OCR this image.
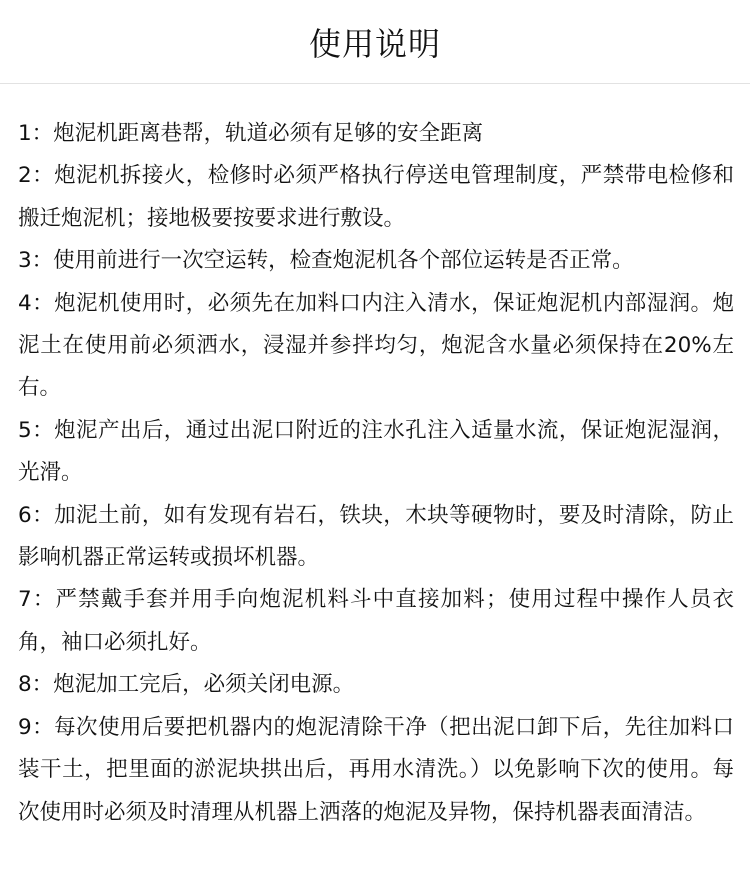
使用说明
1：炮泥机距离巷帮，轨道必须有足够的安全距离
2：炮泥机拆接火，检修时必须严格执行停送电管理制度，严禁带电检修和搬迁炮泥机；接地极要按要求进行敷设。
3：使用前进行一次空运转，检查炮泥机各个部位运转是否正常。
4：炮泥机使用时，必须先在加料口内注入清水，保证炮泥机内部湿润。炮泥土在使用前必须洒水，浸湿并参拌均匀，炮泥含水量必须保持在20%左右。
5：炮泥产出后，通过出泥口附近的注水孔注入适量水流，保证炮泥湿润，光滑。
6：加泥土前，如有发现有岩石，铁块，木块等硬物时，要及时清除，防止影响机器正常运转或损坏机器。
7：严禁戴手套并用手向炮泥机料斗中直接加料；使用过程中操作人员衣角，袖口必须扎好。
8：炮泥加工完后，必须关闭电源。
9：每次使用后要把机器内的炮泥清除干净（把出泥口卸下后，先往加料口装干土，把里面的淤泥块拱出后，再用水清洗。）以免影响下次的使用。每次使用时必须及时清理从机器上洒落的炮泥及异物，保持机器表面清洁。
